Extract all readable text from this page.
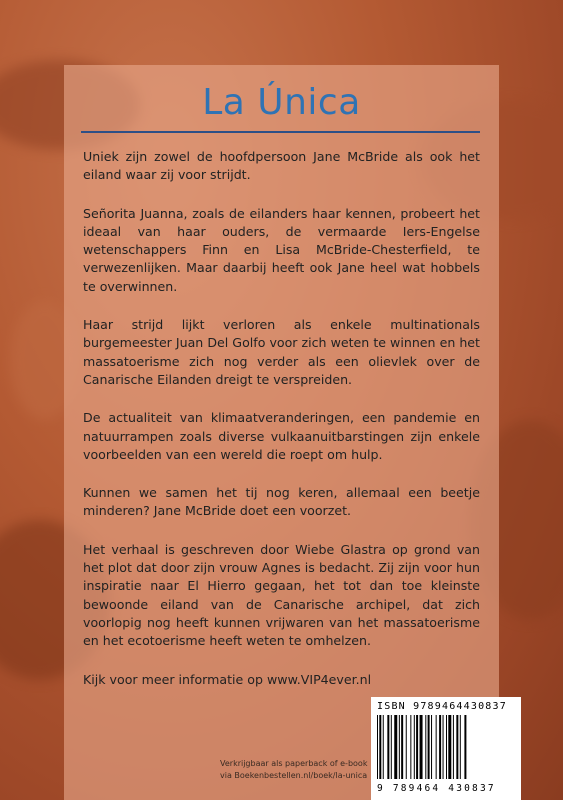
Uniek zijn zowel de hoofdpersoon Jane McBride als ook het eiland waar zij voor strijdt.

Señorita Juanna, zoals de eilanders haar kennen, probeert het ideaal van haar ouders, de vermaarde Iers-Engelse wetenschappers Finn en Lisa McBride-Chesterfield, te verwezenlijken. Maar daarbij heeft ook Jane heel wat hobbels te overwinnen.

Haar strijd lijkt verloren als enkele multinationals burgemeester Juan Del Golfo voor zich weten te winnen en het massatoerisme zich nog verder als een olievlek over de Canarische Eilanden dreigt te verspreiden.

De actualiteit van klimaatveranderingen, een pandemie en natuurrampen zoals diverse vulkaanuitbarstingen zijn enkele voorbeelden van een wereld die roept om hulp.

Kunnen we samen het tij nog keren, allemaal een beetje minderen? Jane McBride doet een voorzet.

Het verhaal is geschreven door Wiebe Glastra op grond van het plot dat door zijn vrouw Agnes is bedacht. Zij zijn voor hun inspiratie naar El Hierro gegaan, het tot dan toe kleinste bewoonde eiland van de Canarische archipel, dat zich voorlopig nog heeft kunnen vrijwaren van het massatoerisme en het ecotoerisme heeft weten te omhelzen.

Kijk voor meer informatie op www.VIP4ever.nl

La Única
Verkrijgbaar als paperback of e-book
via Boekenbestellen.nl/boek/la-unica
ISBN 9789464430837
9 789464 430837
